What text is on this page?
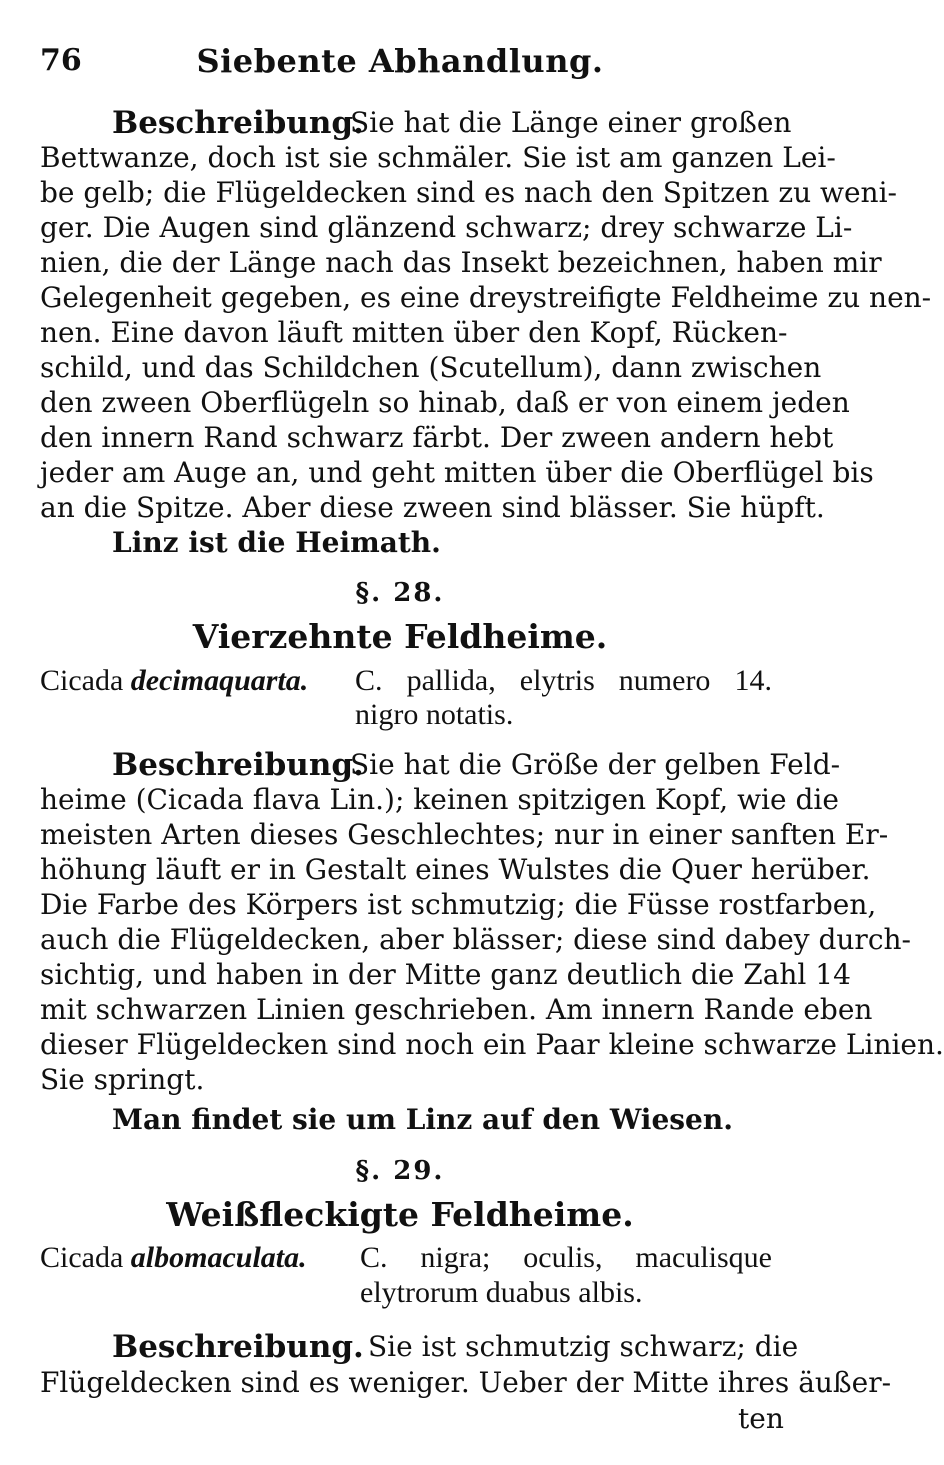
76	Siebente Abhandlung.
Beschreibung.
Sie hat die Länge einer großen
Bettwanze, doch ist sie schmäler. Sie ist am ganzen Lei-
be gelb; die Flügeldecken sind es nach den Spitzen zu weni-
ger. Die Augen sind glänzend schwarz; drey schwarze Li-
nien, die der Länge nach das Insekt bezeichnen, haben mir
Gelegenheit gegeben, es eine dreystreifigte Feldheime zu nen-
nen. Eine davon läuft mitten über den Kopf, Rücken-
schild, und das Schildchen (Scutellum), dann zwischen
den zween Oberflügeln so hinab, daß er von einem jeden
den innern Rand schwarz färbt. Der zween andern hebt
jeder am Auge an, und geht mitten über die Oberflügel bis
an die Spitze. Aber diese zween sind blässer. Sie hüpft.
Linz ist die Heimath.
§. 28.
Vierzehnte Feldheime.
Cicada decimaquarta. C. pallida, elytris numero 14.
nigro notatis.
Beschreibung.
Sie hat die Größe der gelben Feld-
heime (Cicada flava Lin.); keinen spitzigen Kopf, wie die
meisten Arten dieses Geschlechtes; nur in einer sanften Er-
höhung läuft er in Gestalt eines Wulstes die Quer herüber.
Die Farbe des Körpers ist schmutzig; die Füsse rostfarben,
auch die Flügeldecken, aber blässer; diese sind dabey durch-
sichtig, und haben in der Mitte ganz deutlich die Zahl 14
mit schwarzen Linien geschrieben. Am innern Rande eben
dieser Flügeldecken sind noch ein Paar kleine schwarze Linien.
Sie springt.
Man findet sie um Linz auf den Wiesen.
§. 29.
Weißfleckigte Feldheime.
Cicada albomaculata. C. nigra; oculis, maculisque
elytrorum duabus albis.
Beschreibung. Sie ist schmutzig schwarz; die
Flügeldecken sind es weniger. Ueber der Mitte ihres äußer-
ten
